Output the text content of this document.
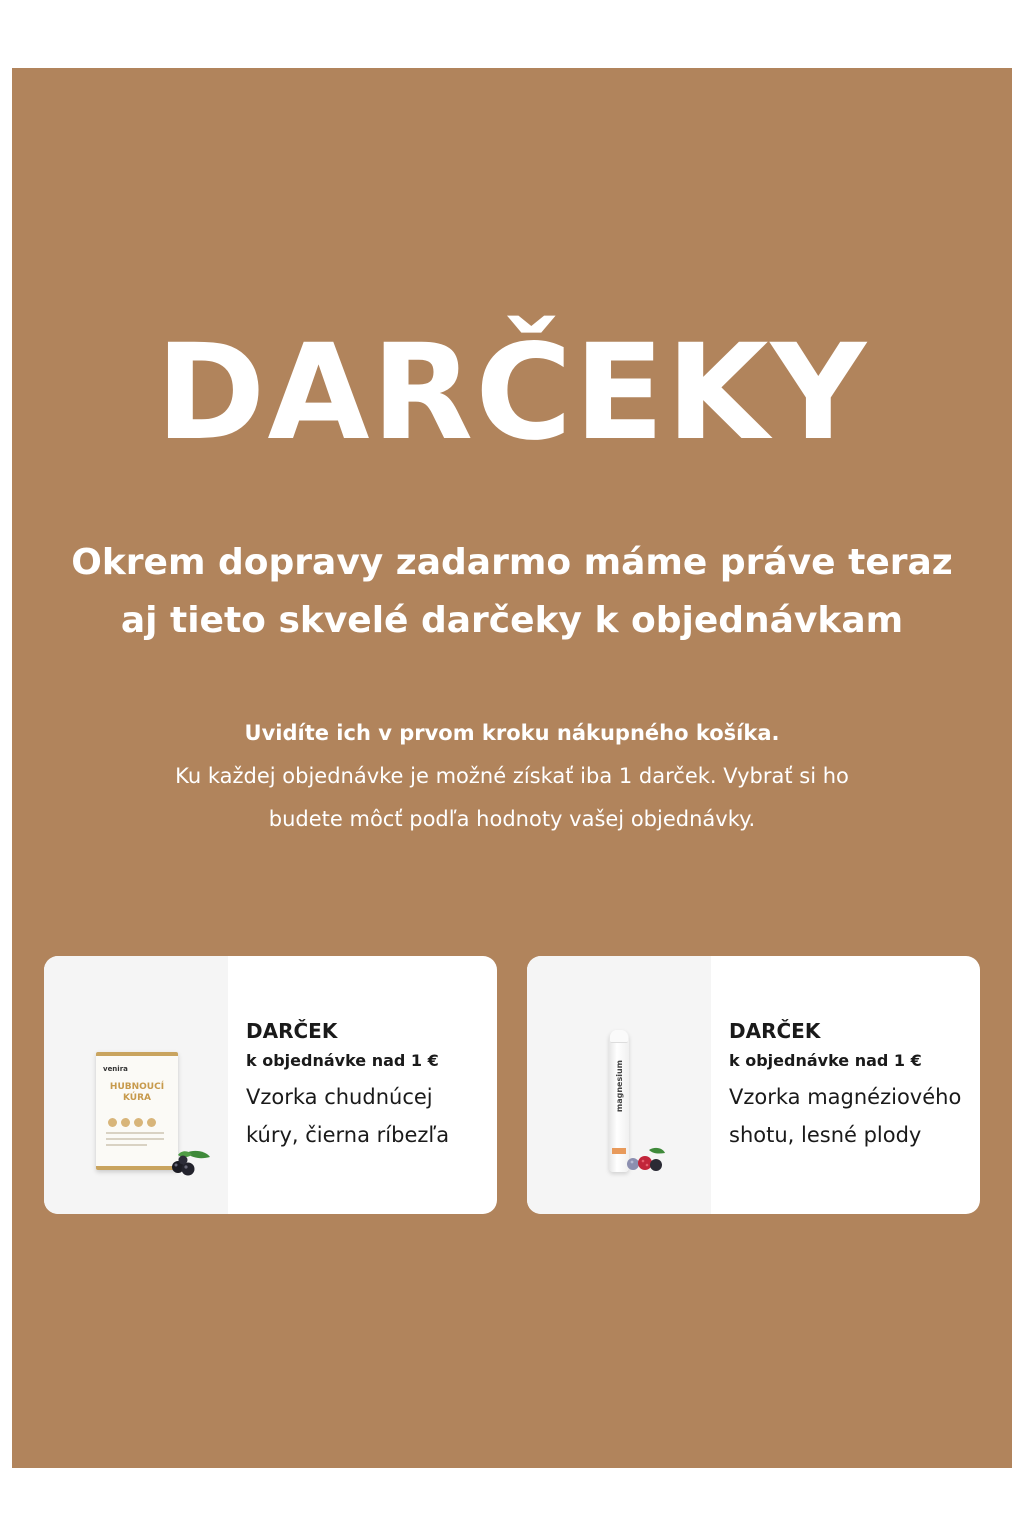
DARČEKY
Okrem dopravy zadarmo máme práve teraz
aj tieto skvelé darčeky k objednávkam
Uvidíte ich v prvom kroku nákupného košíka.
Ku každej objednávke je možné získať iba 1 darček. Vybrať si ho
budete môcť podľa hodnoty vašej objednávky.
venira
HUBNOUCÍ
KÚRA
DARČEK
k objednávke nad 1 €
Vzorka chudnúcej
kúry, čierna ríbezľa
magnesium
DARČEK
k objednávke nad 1 €
Vzorka magnéziového
shotu, lesné plody
